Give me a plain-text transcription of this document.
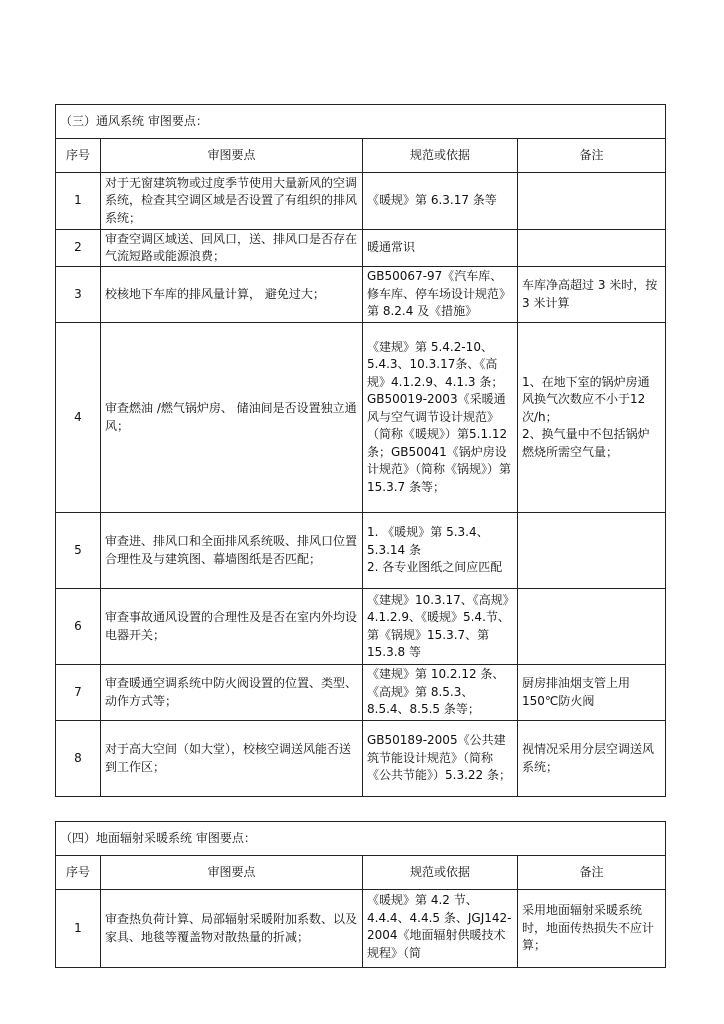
（三）通风系统 审图要点：			
序号	审图要点	规范或依据	备注
1	对于无窗建筑物或过度季节使用大量新风的空调系统，检查其空调区域是否设置了有组织的排风系统；	《暖规》第 6.3.17 条等	
2	审查空调区域送、回风口，送、排风口是否存在气流短路或能源浪费；	暖通常识	
3	校核地下车库的排风量计算， 避免过大；	GB50067-97《汽车库、修车库、停车场设计规范》第 8.2.4 及《措施》	车库净高超过 3 米时，按 3 米计算
4	审查燃油 /燃气锅炉房、 储油间是否设置独立通风；	《建规》第 5.4.2-10、5.4.3、10.3.17条、《高规》4.1.2.9、4.1.3 条；GB50019-2003《采暖通风与空气调节设计规范》（简称《暖规》）第5.1.12条；GB50041《锅炉房设计规范》（简称《锅规》）第15.3.7 条等；	1、在地下室的锅炉房通风换气次数应不小于12 次/h；
2、换气量中不包括锅炉燃烧所需空气量；
5	审查进、排风口和全面排风系统吸、排风口位置合理性及与建筑图、幕墙图纸是否匹配；	1. 《暖规》第 5.3.4、5.3.14 条
2. 各专业图纸之间应匹配	
6	审查事故通风设置的合理性及是否在室内外均设电器开关；	《建规》10.3.17、《高规》4.1.2.9、《暖规》5.4.节、第《锅规》15.3.7、第 15.3.8 等	
7	审查暖通空调系统中防火阀设置的位置、类型、动作方式等；	《建规》第 10.2.12 条、《高规》第 8.5.3、8.5.4、8.5.5 条等；	厨房排油烟支管上用150℃防火阀
8	对于高大空间（如大堂），校核空调送风能否送到工作区；	GB50189-2005《公共建筑节能设计规范》（简称《公共节能》）5.3.22 条；	视情况采用分层空调送风系统；
（四）地面辐射采暖系统 审图要点：			
序号	审图要点	规范或依据	备注
1	审查热负荷计算、局部辐射采暖附加系数、以及家具、地毯等覆盖物对散热量的折减；	《暖规》第 4.2 节、4.4.4、4.4.5 条、JGJ142-2004《地面辐射供暖技术规程》（简	采用地面辐射采暖系统时，地面传热损失不应计算；
